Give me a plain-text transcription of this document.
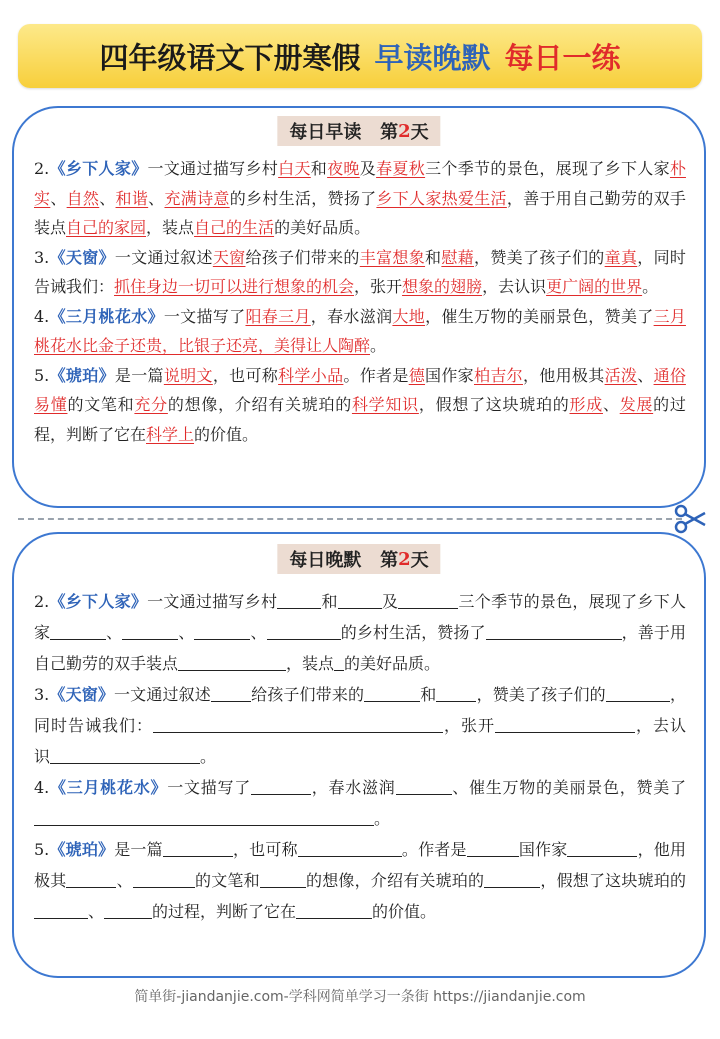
四年级语文下册寒假 早读晚默 每日一练
每日早读
第 2 天

2.《乡下人家》一文通过描写乡村白天和夜晚及春夏秋三个季节的景色，展现了乡下人家朴实、自然、和谐、充满诗意的乡村生活，赞扬了乡下人家热爱生活，善于用自己勤劳的双手装点自己的家园，装点自己的生活的美好品质。

3.《天窗》一文通过叙述天窗给孩子们带来的丰富想象和慰藉，赞美了孩子们的童真，同时告诫我们：抓住身边一切可以进行想象的机会，张开想象的翅膀，去认识更广阔的世界。

4.《三月桃花水》一文描写了阳春三月，春水滋润大地，催生万物的美丽景色，赞美了三月桃花水比金子还贵，比银子还亮，美得让人陶醉。

5.《琥珀》是一篇说明文，也可称科学小品。作者是德国作家柏吉尔，他用极其活泼、通俗易懂的文笔和充分的想像，介绍有关琥珀的科学知识，假想了这块琥珀的形成、发展的过程，判断了它在科学上的价值。

每日晚默
第 2 天

2.《乡下人家》一文通过描写乡村	和	及	三个季节的景色，展现了乡下人家	、	、	、	的乡村生活，赞扬了	，善于用自己勤劳的双手装点	，装点 的美好品质。

3.《天窗》一文通过叙述	给孩子们带来的	和	，赞美了孩子们的	，同时告诫我们：	，张开	，去认识	。

4.《三月桃花水》一文描写了	，春水滋润	、催生万物的美丽景色，赞美了。

5.《琥珀》是一篇	，也可称	。作者是	国作家	，他用极其	、	的文笔和	的想像，介绍有关琥珀的	，假想了这块琥珀的、	的过程，判断了它在	的价值。

简单街-jiandanjie.com-学科网简单学习一条街 https://jiandanjie.com
